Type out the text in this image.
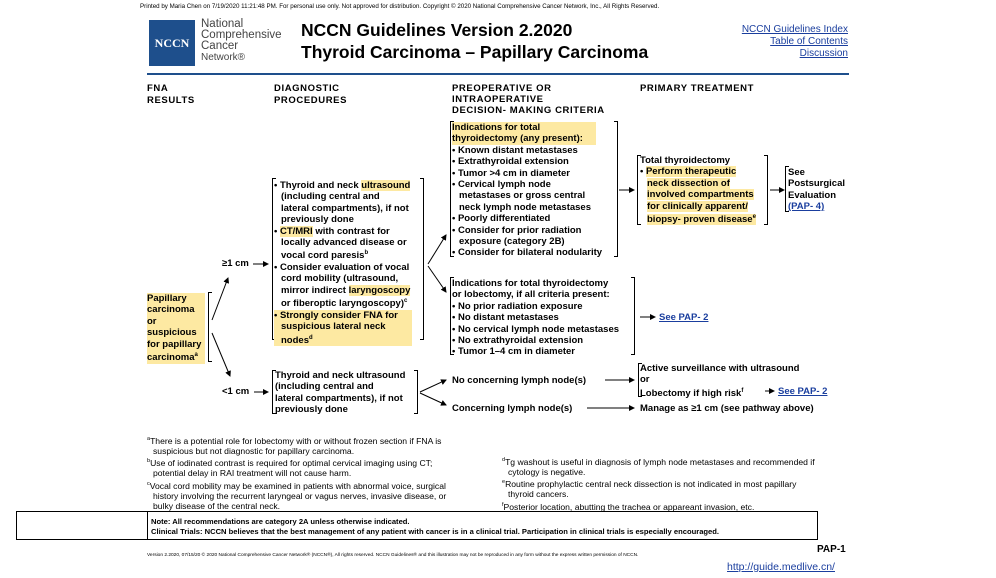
Printed by Maria Chen on 7/19/2020 11:21:48 PM. For personal use only. Not approved for distribution. Copyright © 2020 National Comprehensive Cancer Network, Inc., All Rights Reserved.
NCCN
National
Comprehensive
Cancer
Network®
NCCN Guidelines Version 2.2020
Thyroid Carcinoma – Papillary Carcinoma
NCCN Guidelines Index
Table of Contents
Discussion
FNA
RESULTS
DIAGNOSTIC
PROCEDURES
PREOPERATIVE OR
INTRAOPERATIVE
DECISION- MAKING CRITERIA
PRIMARY TREATMENT
Papillary
carcinoma
or
suspicious
for papillary
carcinoma$^a$
≥1 cm
<1 cm
• Thyroid and neck ultrasound
(including central and
lateral compartments), if not
previously done
• CT/MRI with contrast for
locally advanced disease or
vocal cord paresis$^b$
• Consider evaluation of vocal
cord mobility (ultrasound,
mirror indirect laryngoscopy
or fiberoptic laryngoscopy)$^c$
• Strongly consider FNA for
suspicious lateral neck
nodes$^d$
Thyroid and neck ultrasound
(including central and
lateral compartments), if not
previously done
Indications for total
thyroidectomy (any present):
• Known distant metastases
• Extrathyroidal extension
• Tumor >4 cm in diameter
• Cervical lymph node
metastases or gross central
neck lymph node metastases
• Poorly differentiated
• Consider for prior radiation
exposure (category 2B)
• Consider for bilateral nodularity
Indications for total thyroidectomy
or lobectomy, if all criteria present:
• No prior radiation exposure
• No distant metastases
• No cervical lymph node metastases
• No extrathyroidal extension
• Tumor 1–4 cm in diameter
Total thyroidectomy
• Perform therapeutic
neck dissection of
involved compartments
for clinically apparent/
biopsy- proven disease$^e$
See
Postsurgical
Evaluation
(PAP- 4)
See PAP- 2
No concerning lymph node(s)
Concerning lymph node(s)
Active surveillance with ultrasound
or
Lobectomy if high risk$^f$	See PAP- 2
Manage as ≥1 cm (see pathway above)
$^a$There is a potential role for lobectomy with or without frozen section if FNA is
suspicious but not diagnostic for papillary carcinoma.
$^b$Use of iodinated contrast is required for optimal cervical imaging using CT;
potential delay in RAI treatment will not cause harm.
$^c$Vocal cord mobility may be examined in patients with abnormal voice, surgical
history involving the recurrent laryngeal or vagus nerves, invasive disease, or
bulky disease of the central neck.
$^d$Tg washout is useful in diagnosis of lymph node metastases and recommended if
cytology is negative.
$^e$Routine prophylactic central neck dissection is not indicated in most papillary
thyroid cancers.
$^f$Posterior location, abutting the trachea or appareant invasion, etc.
Note: All recommendations are category 2A unless otherwise indicated.
Clinical Trials: NCCN believes that the best management of any patient with cancer is in a clinical trial. Participation in clinical trials is especially encouraged.
PAP-1
Version 2.2020, 07/15/20 © 2020 National Comprehensive Cancer Network® (NCCN®), All rights reserved. NCCN Guidelines® and this illustration may not be reproduced in any form without the express written permission of NCCN.
http://guide.medlive.cn/
